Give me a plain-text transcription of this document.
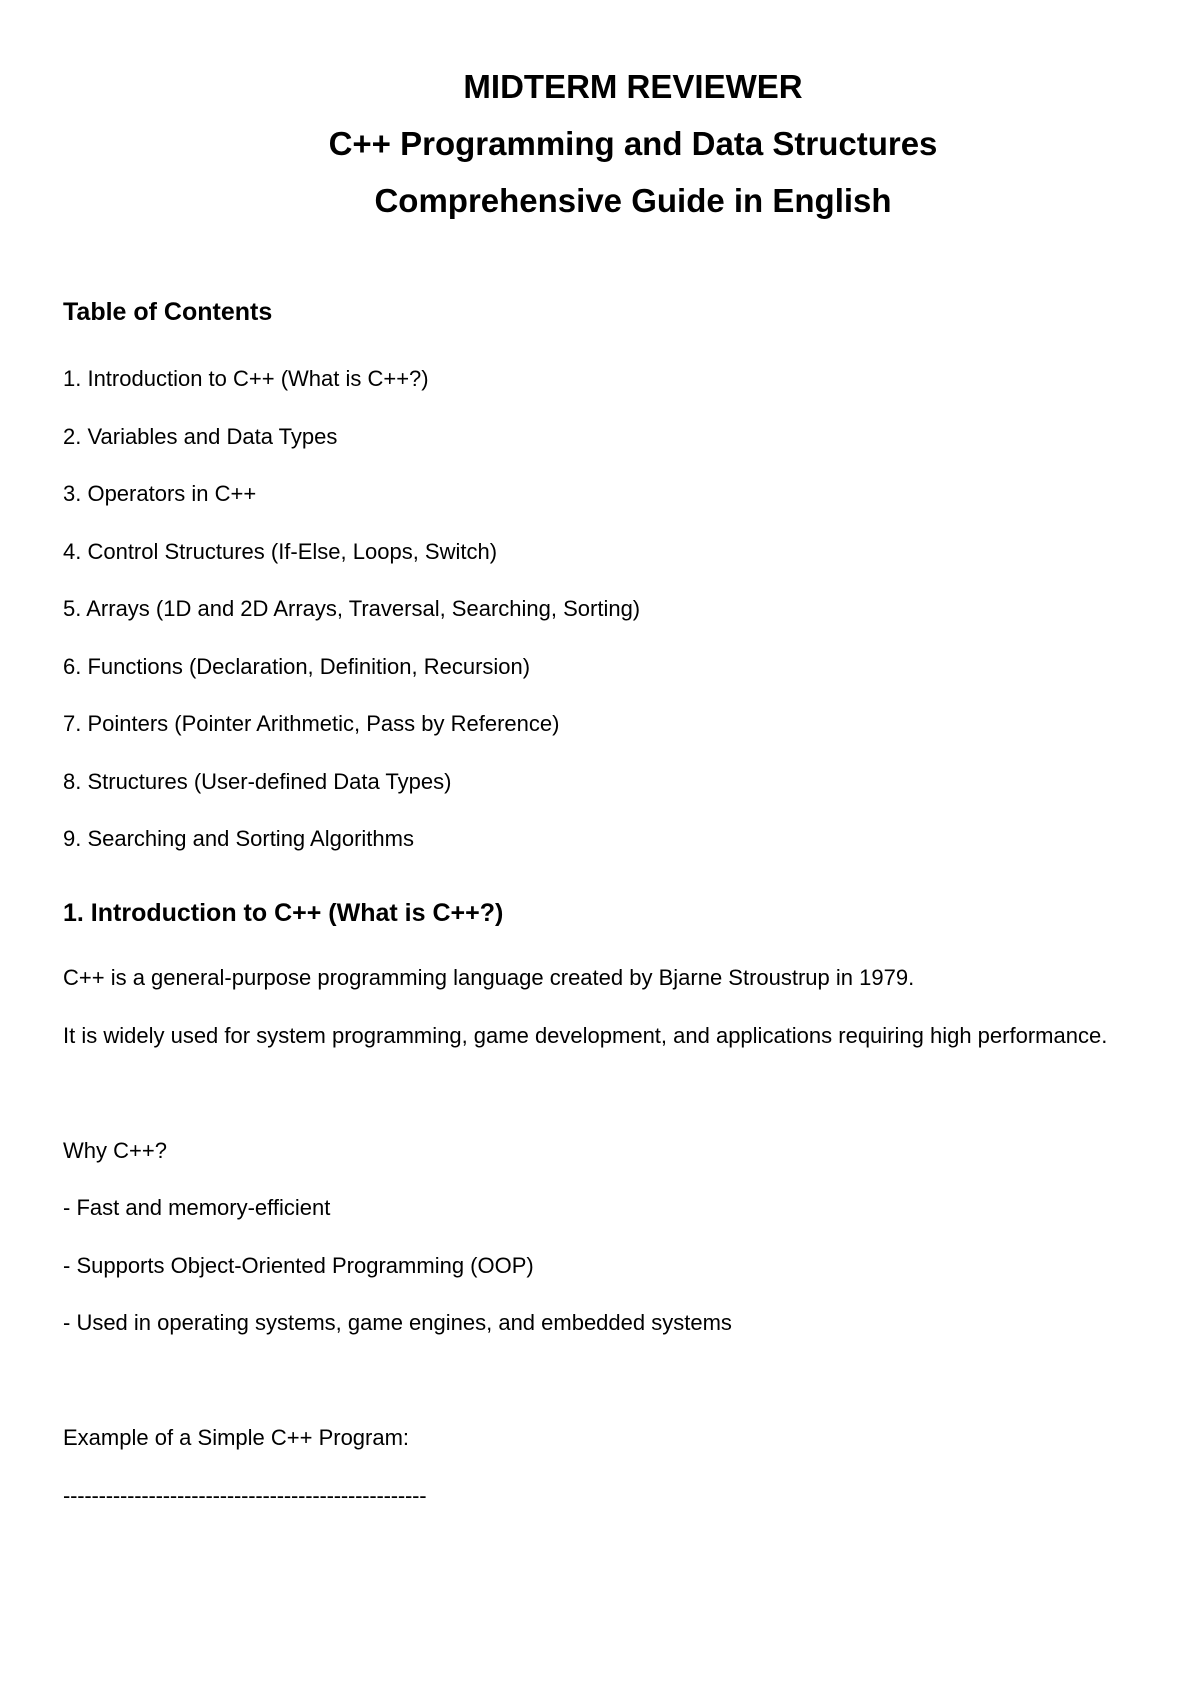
MIDTERM REVIEWER
C++ Programming and Data Structures
Comprehensive Guide in English
Table of Contents
1. Introduction to C++ (What is C++?)
2. Variables and Data Types
3. Operators in C++
4. Control Structures (If-Else, Loops, Switch)
5. Arrays (1D and 2D Arrays, Traversal, Searching, Sorting)
6. Functions (Declaration, Definition, Recursion)
7. Pointers (Pointer Arithmetic, Pass by Reference)
8. Structures (User-defined Data Types)
9. Searching and Sorting Algorithms
1. Introduction to C++ (What is C++?)

C++ is a general-purpose programming language created by Bjarne Stroustrup in 1979.

It is widely used for system programming, game development, and applications requiring high performance.

Why C++?
- Fast and memory-efficient
- Supports Object-Oriented Programming (OOP)
- Used in operating systems, game engines, and embedded systems
Example of a Simple C++ Program:
---------------------------------------------------
